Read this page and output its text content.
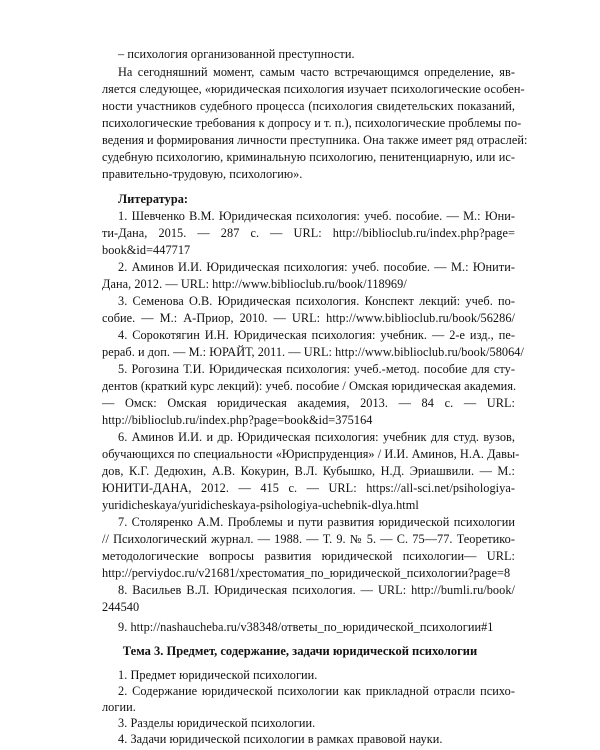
– психология организованной преступности.
На сегодняшний момент, самым часто встречающимся определение, яв-
ляется следующее, «юридическая психология изучает психологические особен-
ности участников судебного процесса (психология свидетельских показаний,
психологические требования к допросу и т. п.), психологические проблемы по-
ведения и формирования личности преступника. Она также имеет ряд отраслей:
судебную психологию, криминальную психологию, пенитенциарную, или ис-
правительно-трудовую, психологию».
Литература:
1. Шевченко В.М. Юридическая психология: учеб. пособие. — М.: Юни-
ти-Дана, 2015. — 287 с. — URL: http://biblioclub.ru/index.php?page=
book&id=447717
2. Аминов И.И. Юридическая психология: учеб. пособие. — М.: Юнити-
Дана, 2012. — URL: http://www.biblioclub.ru/book/118969/
3. Семенова О.В. Юридическая психология. Конспект лекций: учеб. по-
собие. — М.: А-Приор, 2010. — URL: http://www.biblioclub.ru/book/56286/
4. Сорокотягин И.Н. Юридическая психология: учебник. — 2-е изд., пе-
рераб. и доп. — М.: ЮРАЙТ, 2011. — URL: http://www.biblioclub.ru/book/58064/
5. Рогозина Т.И. Юридическая психология: учеб.-метод. пособие для сту-
дентов (краткий курс лекций): учеб. пособие / Омская юридическая академия.
— Омск: Омская юридическая академия, 2013. — 84 с. — URL:
http://biblioclub.ru/index.php?page=book&id=375164
6. Аминов И.И. и др. Юридическая психология: учебник для студ. вузов,
обучающихся по специальности «Юриспруденция» / И.И. Аминов, Н.А. Давы-
дов, К.Г. Дедюхин, А.В. Кокурин, В.Л. Кубышко, Н.Д. Эриашвили. — М.:
ЮНИТИ-ДАНА, 2012. — 415 с. — URL: https://all-sci.net/psihologiya-
yuridicheskaya/yuridicheskaya-psihologiya-uchebnik-dlya.html
7. Столяренко А.М. Проблемы и пути развития юридической психологии
// Психологический журнал. — 1988. — Т. 9. № 5. — С. 75—77. Теоретико-
методологические вопросы развития юридической психологии— URL:
http://perviydoc.ru/v21681/хрестоматия_по_юридической_психологии?page=8
8. Васильев В.Л. Юридическая психология. — URL: http://bumli.ru/book/
244540
9. http://nashaucheba.ru/v38348/ответы_по_юридической_психологии#1
Тема 3. Предмет, содержание, задачи юридической психологии
1. Предмет юридической психологии.
2. Содержание юридической психологии как прикладной отрасли психо-
логии.
3. Разделы юридической психологии.
4. Задачи юридической психологии в рамках правовой науки.
